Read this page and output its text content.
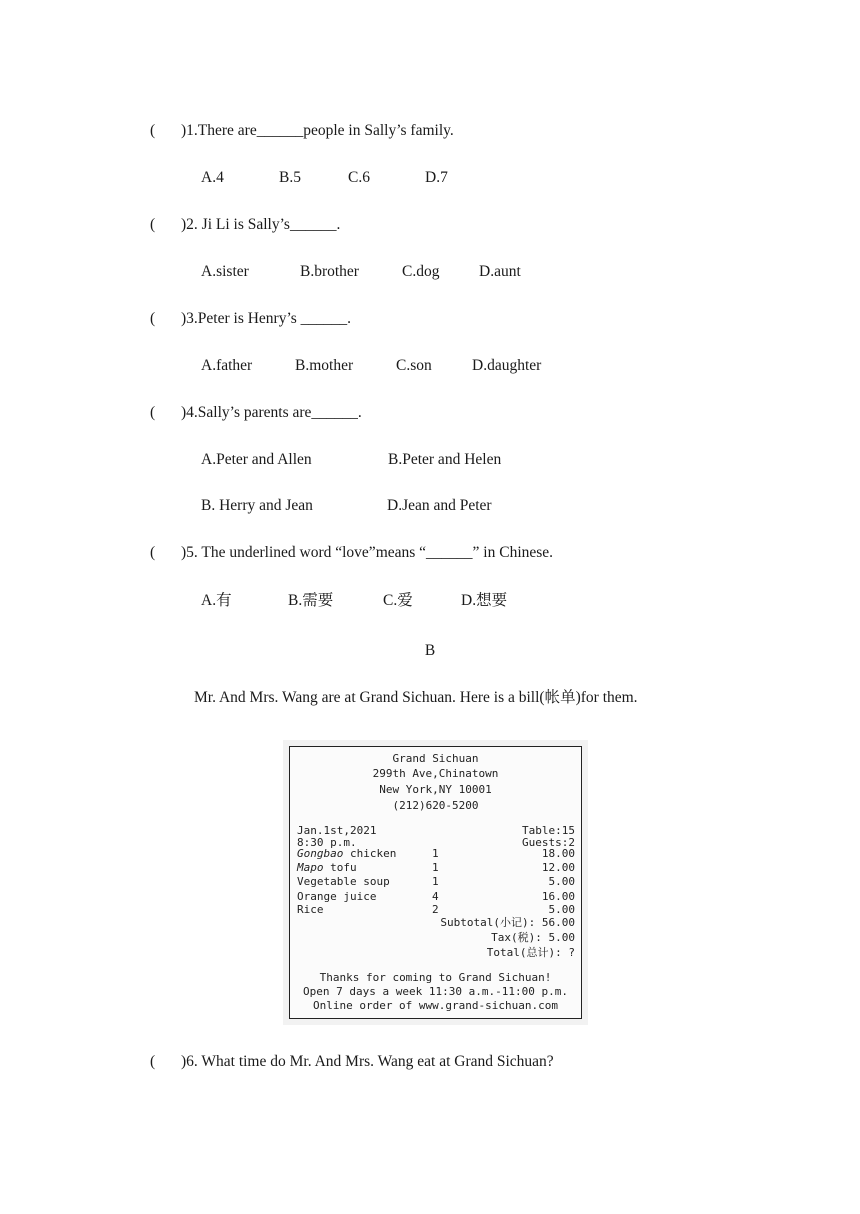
( )1.There are______people in Sally’s family.
A.4	B.5	C.6	D.7
( )2. Ji Li is Sally’s______.
A.sister	B.brother	C.dog	D.aunt
( )3.Peter is Henry’s ______.
A.father	B.mother	C.son	D.daughter
( )4.Sally’s parents are______.
A.Peter and Allen	B.Peter and Helen
B. Herry and Jean	D.Jean and Peter
( )5. The underlined word “love”means “______” in Chinese.
A.有	B.需要	C.爱	D.想要
B
Mr. And Mrs. Wang are at Grand Sichuan. Here is a bill(帐单)for them.
Grand Sichuan
299th Ave,Chinatown
New York,NY 10001
(212)620-5200
Jan.1st,2021	Table:15
8:30 p.m.	Guests:2
Gongbao chicken	1	18.00
Mapo tofu	1	12.00
Vegetable soup	1	5.00
Orange juice	4	16.00
Rice	2	5.00
Subtotal(小记): 56.00
Tax(税): 5.00
Total(总计): ?
Thanks for coming to Grand Sichuan!
Open 7 days a week 11:30 a.m.-11:00 p.m.
Online order of www.grand-sichuan.com
( )6. What time do Mr. And Mrs. Wang eat at Grand Sichuan?
